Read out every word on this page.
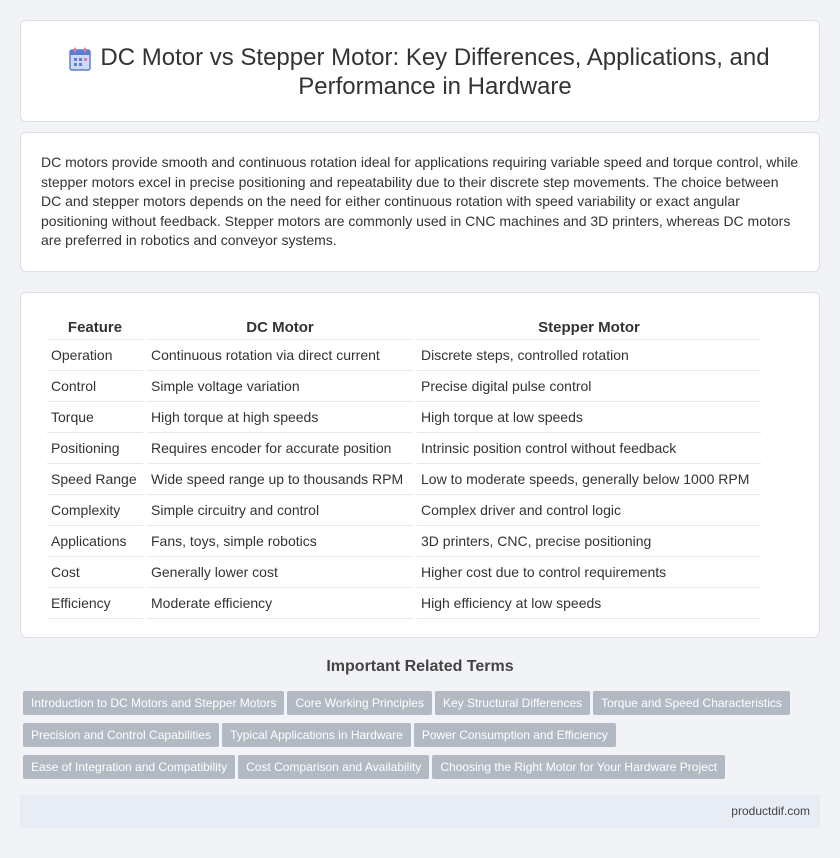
DC Motor vs Stepper Motor: Key Differences, Applications, and Performance in Hardware

DC motors provide smooth and continuous rotation ideal for applications requiring variable speed and torque control, while stepper motors excel in precise positioning and repeatability due to their discrete step movements. The choice between DC and stepper motors depends on the need for either continuous rotation with speed variability or exact angular positioning without feedback. Stepper motors are commonly used in CNC machines and 3D printers, whereas DC motors are preferred in robotics and conveyor systems.

Feature	DC Motor	Stepper Motor
Operation	Continuous rotation via direct current	Discrete steps, controlled rotation
Control	Simple voltage variation	Precise digital pulse control
Torque	High torque at high speeds	High torque at low speeds
Positioning	Requires encoder for accurate position	Intrinsic position control without feedback
Speed Range	Wide speed range up to thousands RPM	Low to moderate speeds, generally below 1000 RPM
Complexity	Simple circuitry and control	Complex driver and control logic
Applications	Fans, toys, simple robotics	3D printers, CNC, precise positioning
Cost	Generally lower cost	Higher cost due to control requirements
Efficiency	Moderate efficiency	High efficiency at low speeds
Important Related Terms
Introduction to DC Motors and Stepper Motors Core Working Principles Key Structural Differences Torque and Speed Characteristics
Precision and Control Capabilities Typical Applications in Hardware Power Consumption and Efficiency
Ease of Integration and Compatibility Cost Comparison and Availability Choosing the Right Motor for Your Hardware Project
productdif.com
